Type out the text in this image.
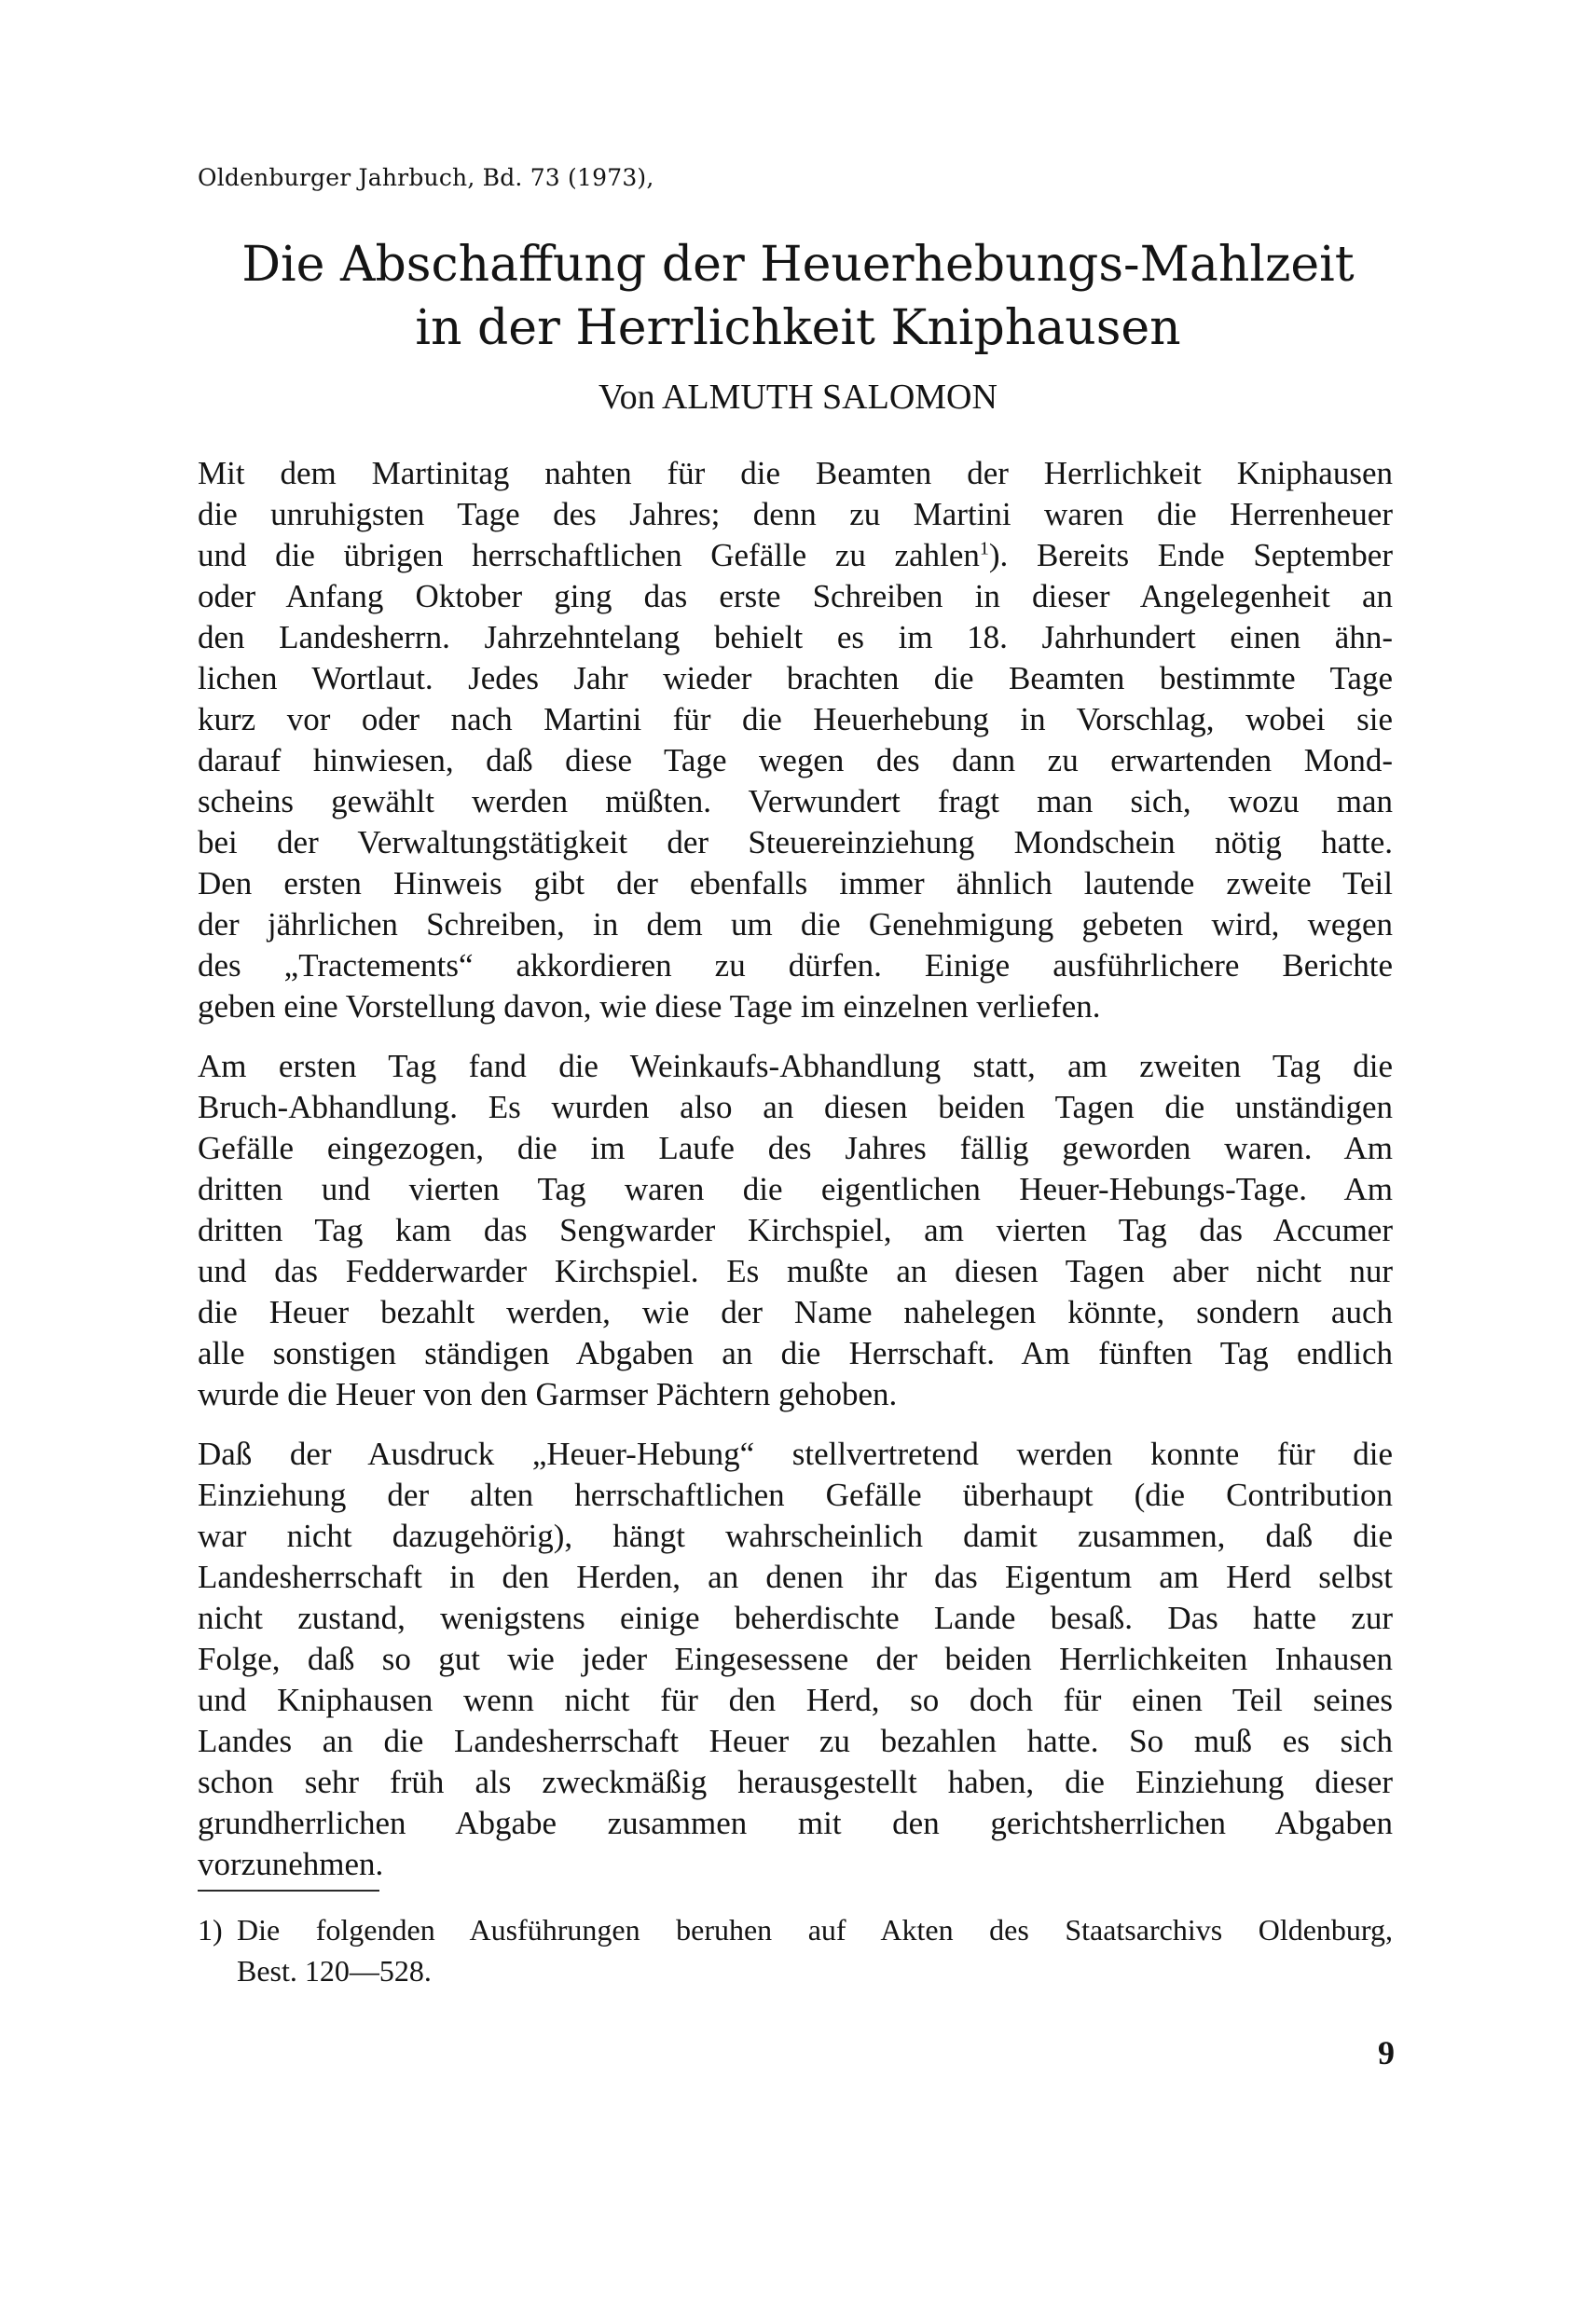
Oldenburger Jahrbuch, Bd. 73 (1973),
Die Abschaffung der Heuerhebungs-Mahlzeit
in der Herrlichkeit Kniphausen
Von ALMUTH SALOMON
Mit dem Martinitag nahten für die Beamten der Herrlichkeit Kniphausen
die unruhigsten Tage des Jahres; denn zu Martini waren die Herrenheuer
und die übrigen herrschaftlichen Gefälle zu zahlen$^1$). Bereits Ende September
oder Anfang Oktober ging das erste Schreiben in dieser Angelegenheit an
den Landesherrn. Jahrzehntelang behielt es im 18. Jahrhundert einen ähn-
lichen Wortlaut. Jedes Jahr wieder brachten die Beamten bestimmte Tage
kurz vor oder nach Martini für die Heuerhebung in Vorschlag, wobei sie
darauf hinwiesen, daß diese Tage wegen des dann zu erwartenden Mond-
scheins gewählt werden müßten. Verwundert fragt man sich, wozu man
bei der Verwaltungstätigkeit der Steuereinziehung Mondschein nötig hatte.
Den ersten Hinweis gibt der ebenfalls immer ähnlich lautende zweite Teil
der jährlichen Schreiben, in dem um die Genehmigung gebeten wird, wegen
des „Tractements“ akkordieren zu dürfen. Einige ausführlichere Berichte
geben eine Vorstellung davon, wie diese Tage im einzelnen verliefen.
Am ersten Tag fand die Weinkaufs-Abhandlung statt, am zweiten Tag die
Bruch-Abhandlung. Es wurden also an diesen beiden Tagen die unständigen
Gefälle eingezogen, die im Laufe des Jahres fällig geworden waren. Am
dritten und vierten Tag waren die eigentlichen Heuer-Hebungs-Tage. Am
dritten Tag kam das Sengwarder Kirchspiel, am vierten Tag das Accumer
und das Fedderwarder Kirchspiel. Es mußte an diesen Tagen aber nicht nur
die Heuer bezahlt werden, wie der Name nahelegen könnte, sondern auch
alle sonstigen ständigen Abgaben an die Herrschaft. Am fünften Tag endlich
wurde die Heuer von den Garmser Pächtern gehoben.
Daß der Ausdruck „Heuer-Hebung“ stellvertretend werden konnte für die
Einziehung der alten herrschaftlichen Gefälle überhaupt (die Contribution
war nicht dazugehörig), hängt wahrscheinlich damit zusammen, daß die
Landesherrschaft in den Herden, an denen ihr das Eigentum am Herd selbst
nicht zustand, wenigstens einige beherdischte Lande besaß. Das hatte zur
Folge, daß so gut wie jeder Eingesessene der beiden Herrlichkeiten Inhausen
und Kniphausen wenn nicht für den Herd, so doch für einen Teil seines
Landes an die Landesherrschaft Heuer zu bezahlen hatte. So muß es sich
schon sehr früh als zweckmäßig herausgestellt haben, die Einziehung dieser
grundherrlichen Abgabe zusammen mit den gerichtsherrlichen Abgaben
vorzunehmen.
1) Die folgenden Ausführungen beruhen auf Akten des Staatsarchivs Oldenburg,
Best. 120—528.
9
